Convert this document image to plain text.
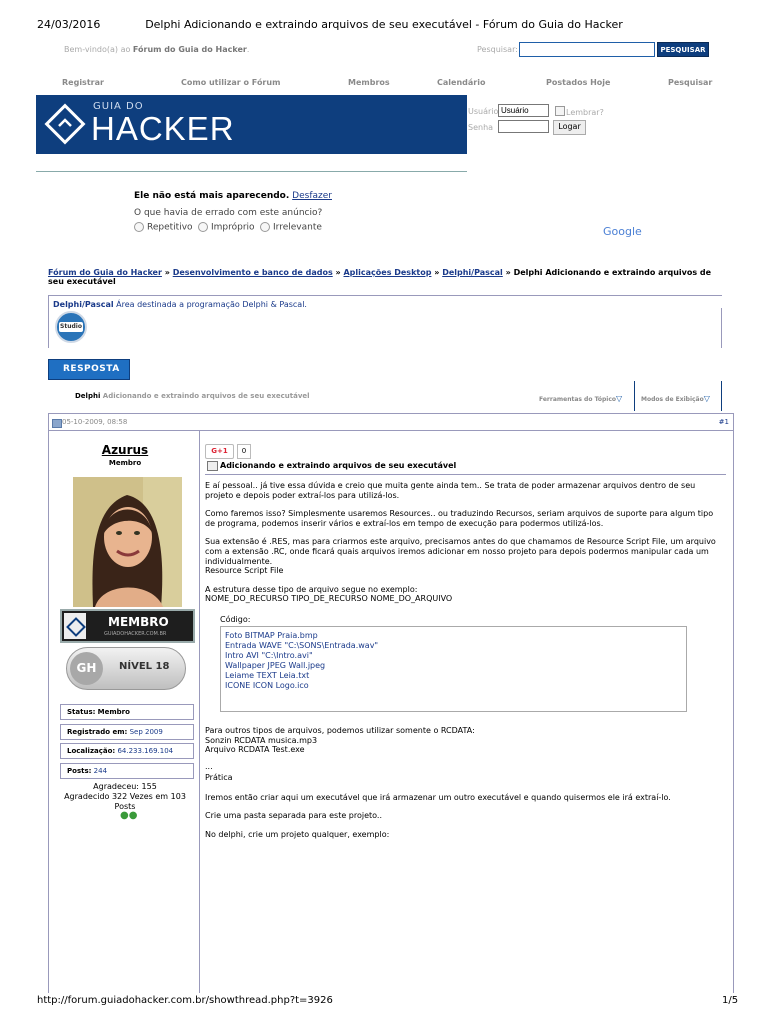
24/03/2016	Delphi Adicionando e extraindo arquivos de seu executável - Fórum do Guia do Hacker
Bem-vindo(a) ao Fórum do Guia do Hacker.	Pesquisar:	PESQUISAR
Registrar	Como utilizar o Fórum	Membros	Calendário	Postados Hoje	Pesquisar
GUIA DO
HACKER	Usuário
Usuário	Lembrar?
Senha	Logar
Ele não está mais aparecendo. Desfazer
O que havia de errado com este anúncio?
Repetitivo	Impróprio	Irrelevante	Google
Fórum do Guia do Hacker » Desenvolvimento e banco de dados » Aplicações Desktop » Delphi/Pascal » Delphi Adicionando e extraindo arquivos de seu executável
Delphi/Pascal Área destinada a programação Delphi & Pascal.
Studio
RESPOSTA
Delphi Adicionando e extraindo arquivos de seu executável	Ferramentas do Tópico▽	Modos de Exibição▽
05-10-2009, 08:58	#1
Azurus
Membro
MEMBRO
GUIADOHACKER.COM.BR
GH	NÍVEL 18
Status: Membro
Registrado em: Sep 2009
Localização: 64.233.169.104
Posts: 244
Agradeceu: 155
Agradecido 322 Vezes em 103
Posts
●●
G+1	0
Adicionando e extraindo arquivos de seu executável
E aí pessoal.. já tive essa dúvida e creio que muita gente ainda tem.. Se trata de poder armazenar arquivos dentro de seu projeto e depois poder extraí-los para utilizá-los.
Como faremos isso? Simplesmente usaremos Resources.. ou traduzindo Recursos, seriam arquivos de suporte para algum tipo de programa, podemos inserir vários e extraí-los em tempo de execução para podermos utilizá-los.
Sua extensão é .RES, mas para criarmos este arquivo, precisamos antes do que chamamos de Resource Script File, um arquivo com a extensão .RC, onde ficará quais arquivos iremos adicionar em nosso projeto para depois podermos manipular cada um individualmente.
Resource Script File
A estrutura desse tipo de arquivo segue no exemplo:
NOME_DO_RECURSO TIPO_DE_RECURSO NOME_DO_ARQUIVO
Código:
Foto BITMAP Praia.bmp
Entrada WAVE "C:\SONS\Entrada.wav"
Intro AVI "C:\Intro.avi"
Wallpaper JPEG Wall.jpeg
Leiame TEXT Leia.txt
ICONE ICON Logo.ico
Para outros tipos de arquivos, podemos utilizar somente o RCDATA:
Sonzin RCDATA musica.mp3
Arquivo RCDATA Test.exe
...
Prática
Iremos então criar aqui um executável que irá armazenar um outro executável e quando quisermos ele irá extraí-lo.
Crie uma pasta separada para este projeto..
No delphi, crie um projeto qualquer, exemplo:
http://forum.guiadohacker.com.br/showthread.php?t=3926	1/5
